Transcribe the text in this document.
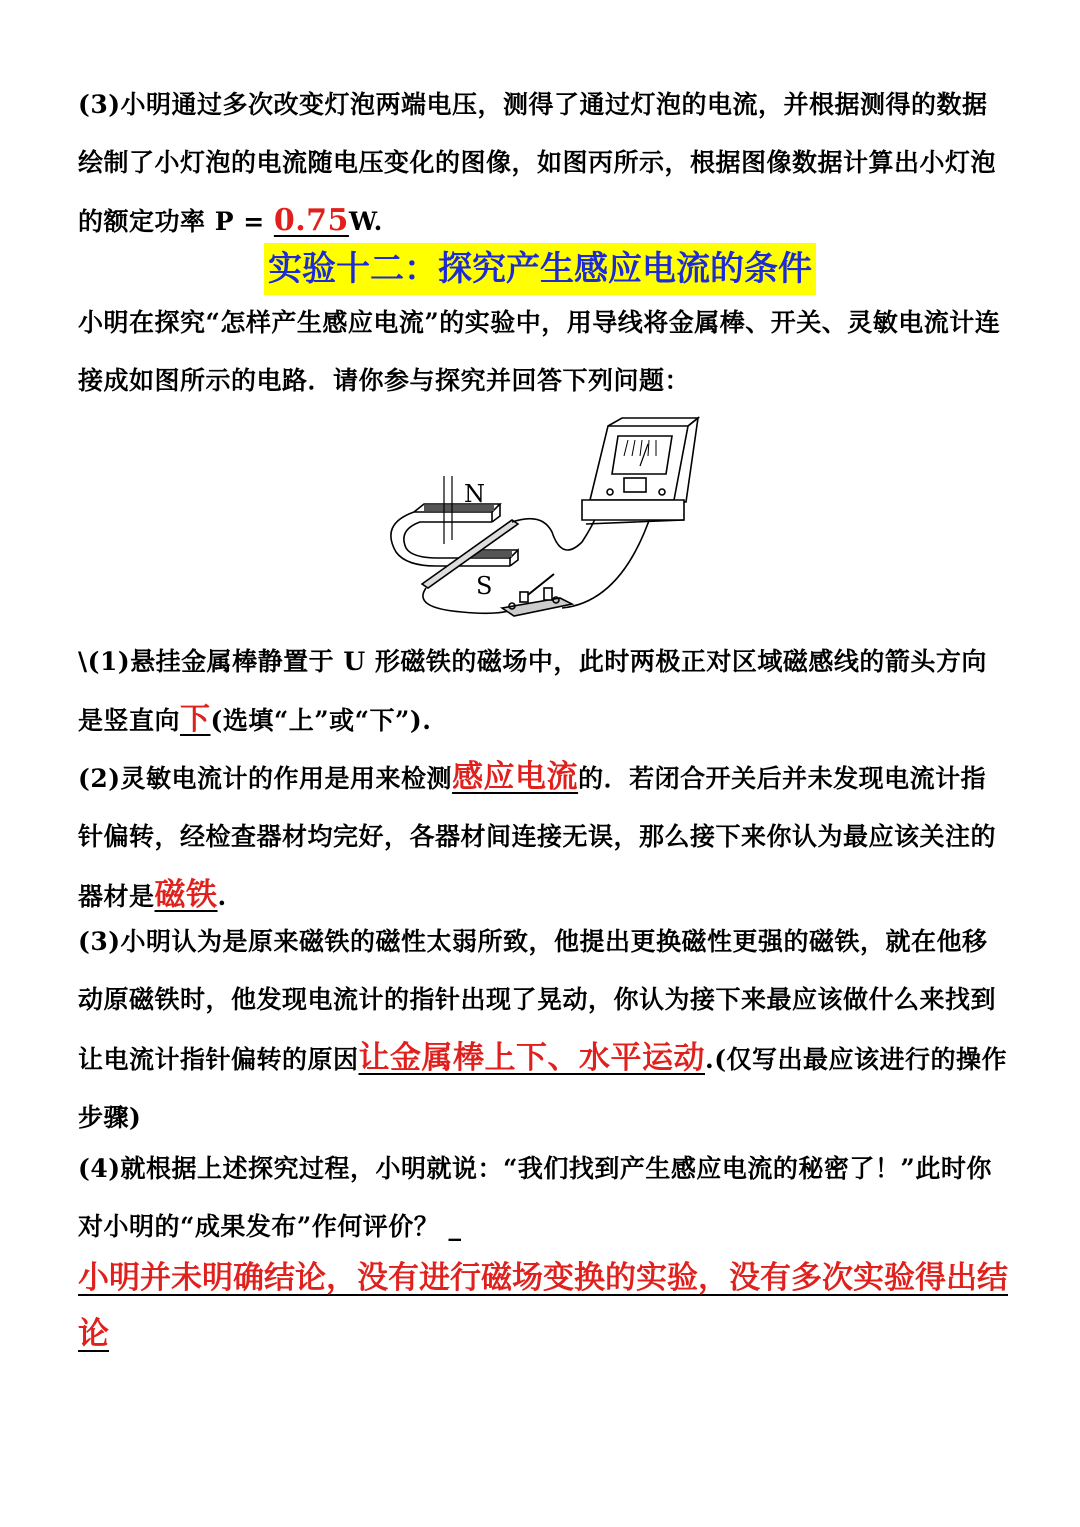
(3)小明通过多次改变灯泡两端电压，测得了通过灯泡的电流，并根据测得的数据绘制了小灯泡的电流随电压变化的图像，如图丙所示，根据图像数据计算出小灯泡的额定功率 P = 0.75W.
实验十二：探究产生感应电流的条件
小明在探究“怎样产生感应电流”的实验中，用导线将金属棒、开关、灵敏电流计连接成如图所示的电路．请你参与探究并回答下列问题：
N
S
\(1)悬挂金属棒静置于 U 形磁铁的磁场中，此时两极正对区域磁感线的箭头方向是竖直向下(选填“上”或“下”).
(2)灵敏电流计的作用是用来检测感应电流的．若闭合开关后并未发现电流计指针偏转，经检查器材均完好，各器材间连接无误，那么接下来你认为最应该关注的器材是磁铁.
(3)小明认为是原来磁铁的磁性太弱所致，他提出更换磁性更强的磁铁，就在他移动原磁铁时，他发现电流计的指针出现了晃动，你认为接下来最应该做什么来找到让电流计指针偏转的原因让金属棒上下、水平运动.(仅写出最应该进行的操作步骤)
(4)就根据上述探究过程，小明就说：“我们找到产生感应电流的秘密了！”此时你对小明的“成果发布”作何评价？ _
小明并未明确结论，没有进行磁场变换的实验，没有多次实验得出结论
